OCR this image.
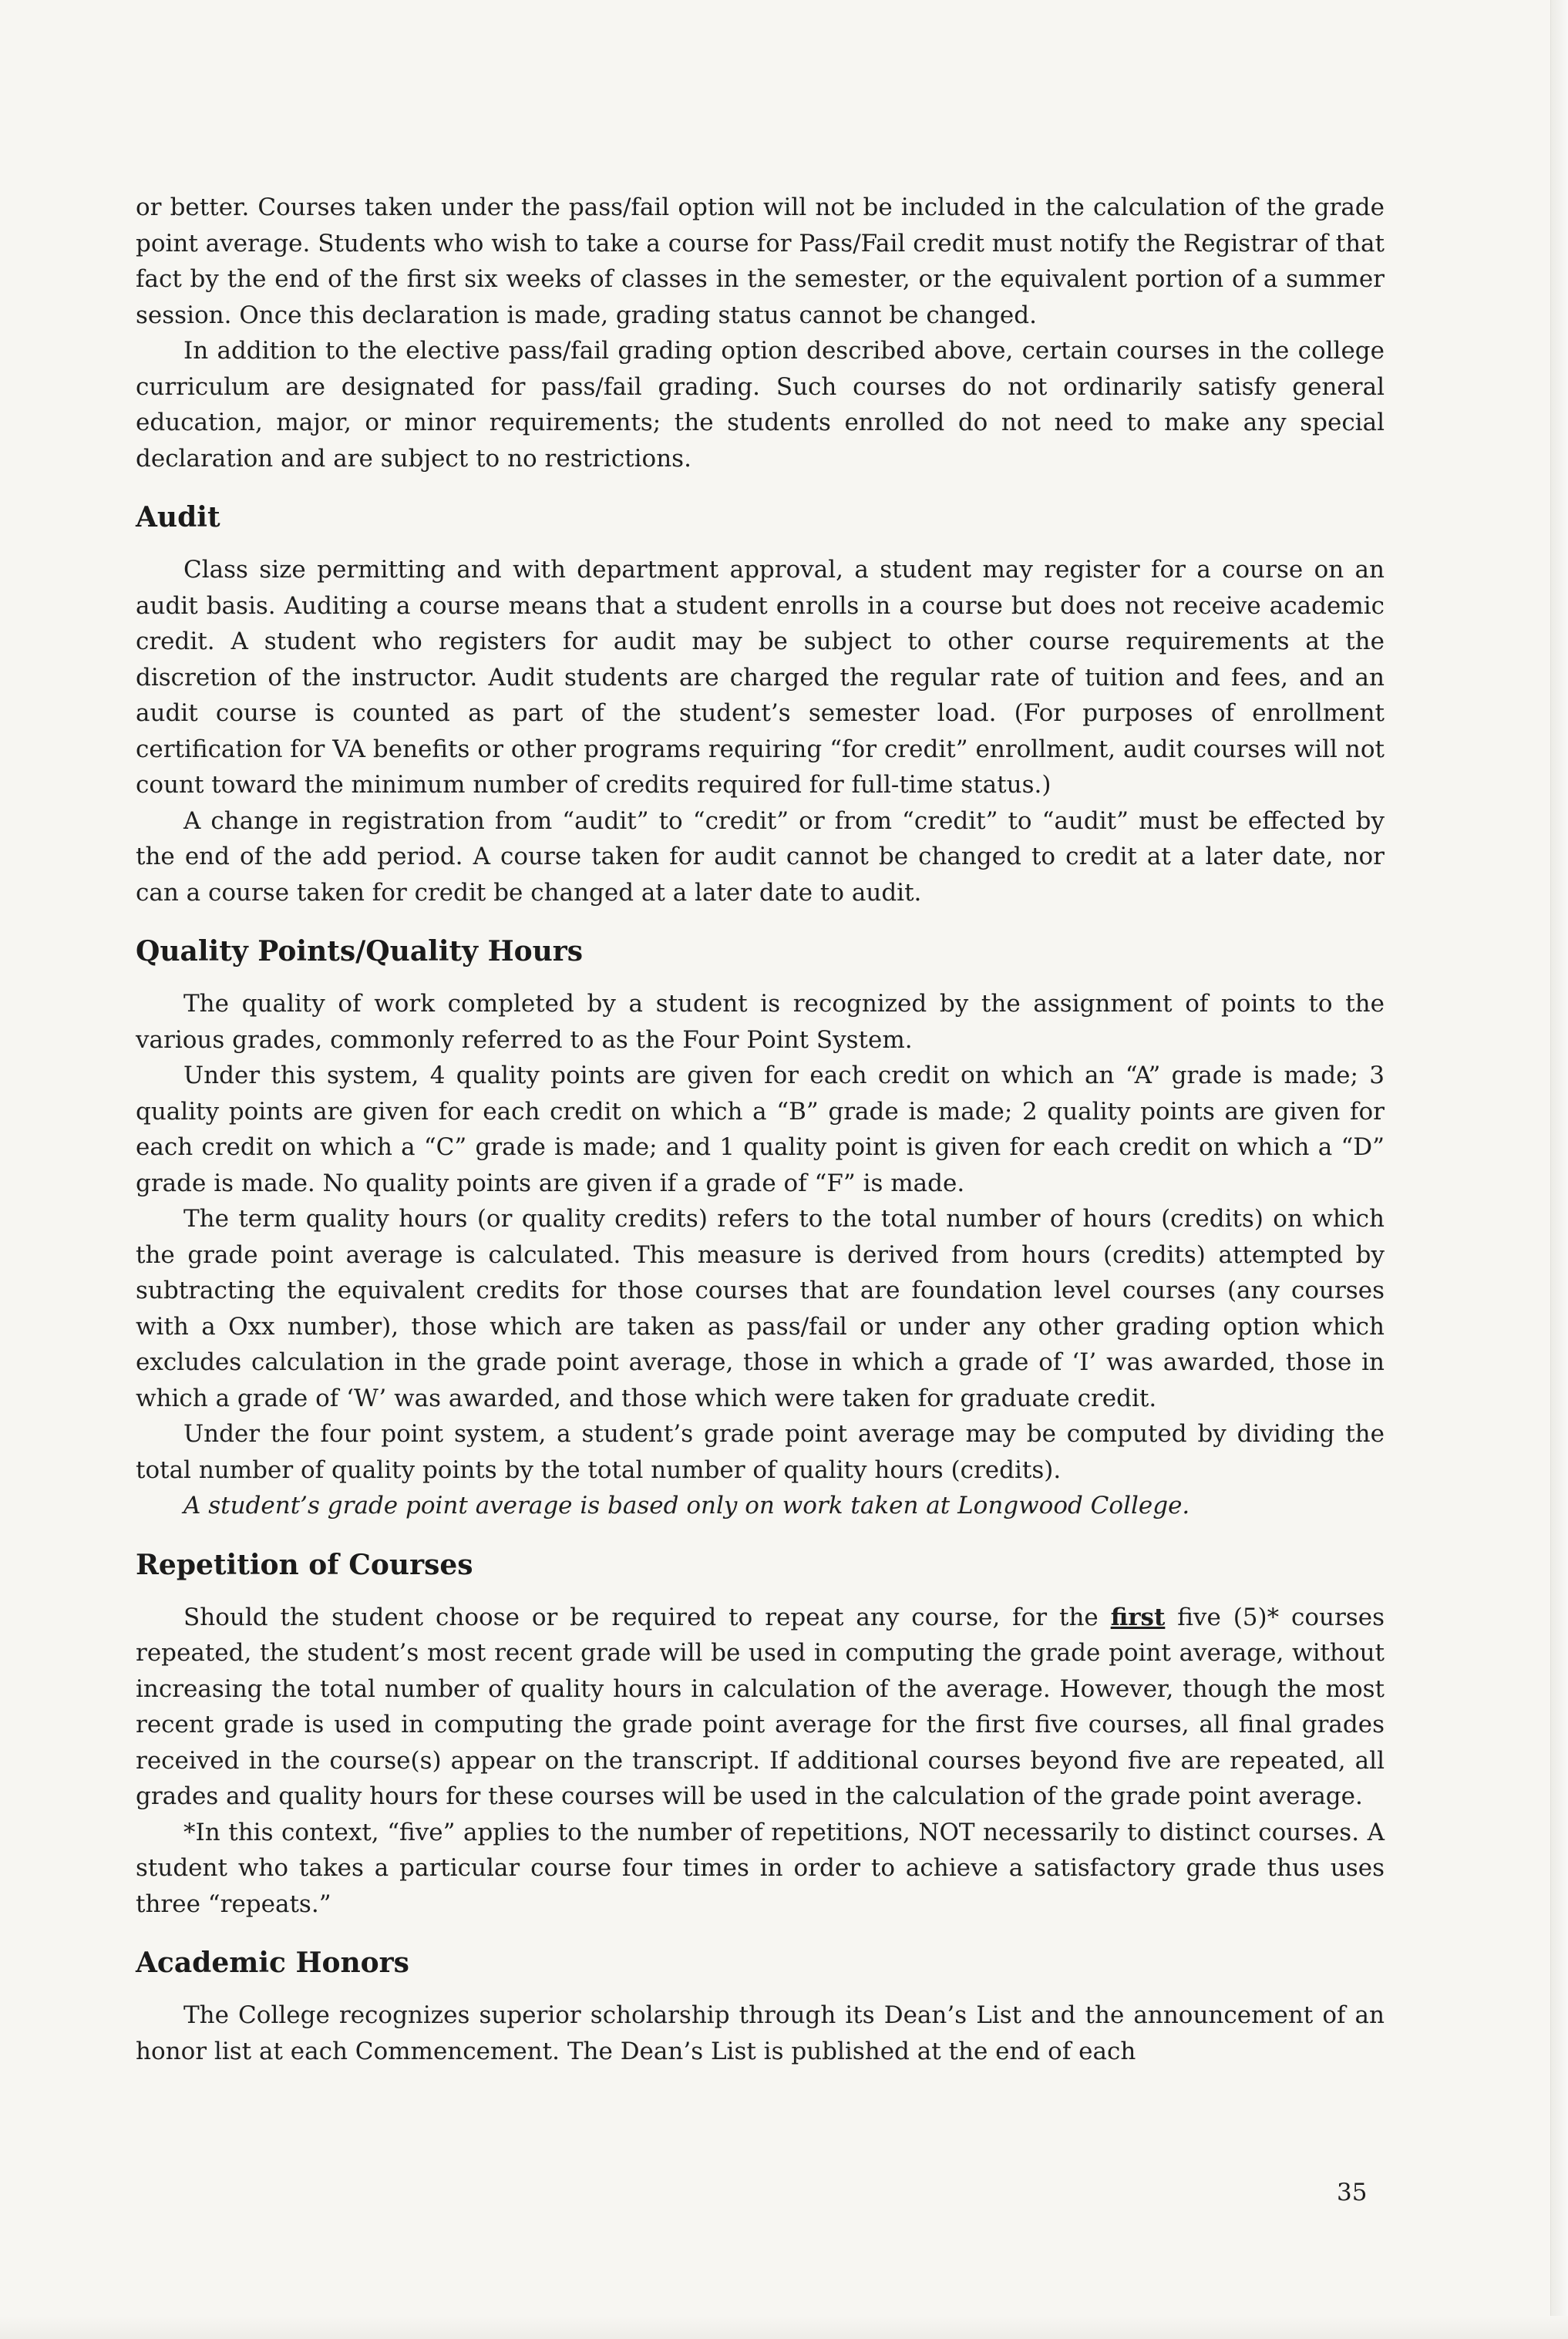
or better. Courses taken under the pass/fail option will not be included in the calculation of the grade point average. Students who wish to take a course for Pass/Fail credit must notify the Registrar of that fact by the end of the first six weeks of classes in the semester, or the equivalent portion of a summer session. Once this declaration is made, grading status cannot be changed.

In addition to the elective pass/fail grading option described above, certain courses in the college curriculum are designated for pass/fail grading. Such courses do not ordinarily satisfy general education, major, or minor requirements; the students enrolled do not need to make any special declaration and are subject to no restrictions.

Audit

Class size permitting and with department approval, a student may register for a course on an audit basis. Auditing a course means that a student enrolls in a course but does not receive academic credit. A student who registers for audit may be subject to other course requirements at the discretion of the instructor. Audit students are charged the regular rate of tuition and fees, and an audit course is counted as part of the student’s semester load. (For purposes of enrollment certification for VA benefits or other programs requiring “for credit” enrollment, audit courses will not count toward the minimum number of credits required for full-time status.)

A change in registration from “audit” to “credit” or from “credit” to “audit” must be effected by the end of the add period. A course taken for audit cannot be changed to credit at a later date, nor can a course taken for credit be changed at a later date to audit.

Quality Points/Quality Hours

The quality of work completed by a student is recognized by the assignment of points to the various grades, commonly referred to as the Four Point System.

Under this system, 4 quality points are given for each credit on which an “A” grade is made; 3 quality points are given for each credit on which a “B” grade is made; 2 quality points are given for each credit on which a “C” grade is made; and 1 quality point is given for each credit on which a “D” grade is made. No quality points are given if a grade of “F” is made.

The term quality hours (or quality credits) refers to the total number of hours (credits) on which the grade point average is calculated. This measure is derived from hours (credits) attempted by subtracting the equivalent credits for those courses that are foundation level courses (any courses with a Oxx number), those which are taken as pass/fail or under any other grading option which excludes calculation in the grade point average, those in which a grade of ‘I’ was awarded, those in which a grade of ‘W’ was awarded, and those which were taken for graduate credit.

Under the four point system, a student’s grade point average may be computed by dividing the total number of quality points by the total number of quality hours (credits).

A student’s grade point average is based only on work taken at Longwood College.

Repetition of Courses

Should the student choose or be required to repeat any course, for the first five (5)* courses repeated, the student’s most recent grade will be used in computing the grade point average, without increasing the total number of quality hours in calculation of the average. However, though the most recent grade is used in computing the grade point average for the first five courses, all final grades received in the course(s) appear on the transcript. If additional courses beyond five are repeated, all grades and quality hours for these courses will be used in the calculation of the grade point average.

*In this context, “five” applies to the number of repetitions, NOT necessarily to distinct courses. A student who takes a particular course four times in order to achieve a satisfactory grade thus uses three “repeats.”

Academic Honors

The College recognizes superior scholarship through its Dean’s List and the announcement of an honor list at each Commencement. The Dean’s List is published at the end of each

35
